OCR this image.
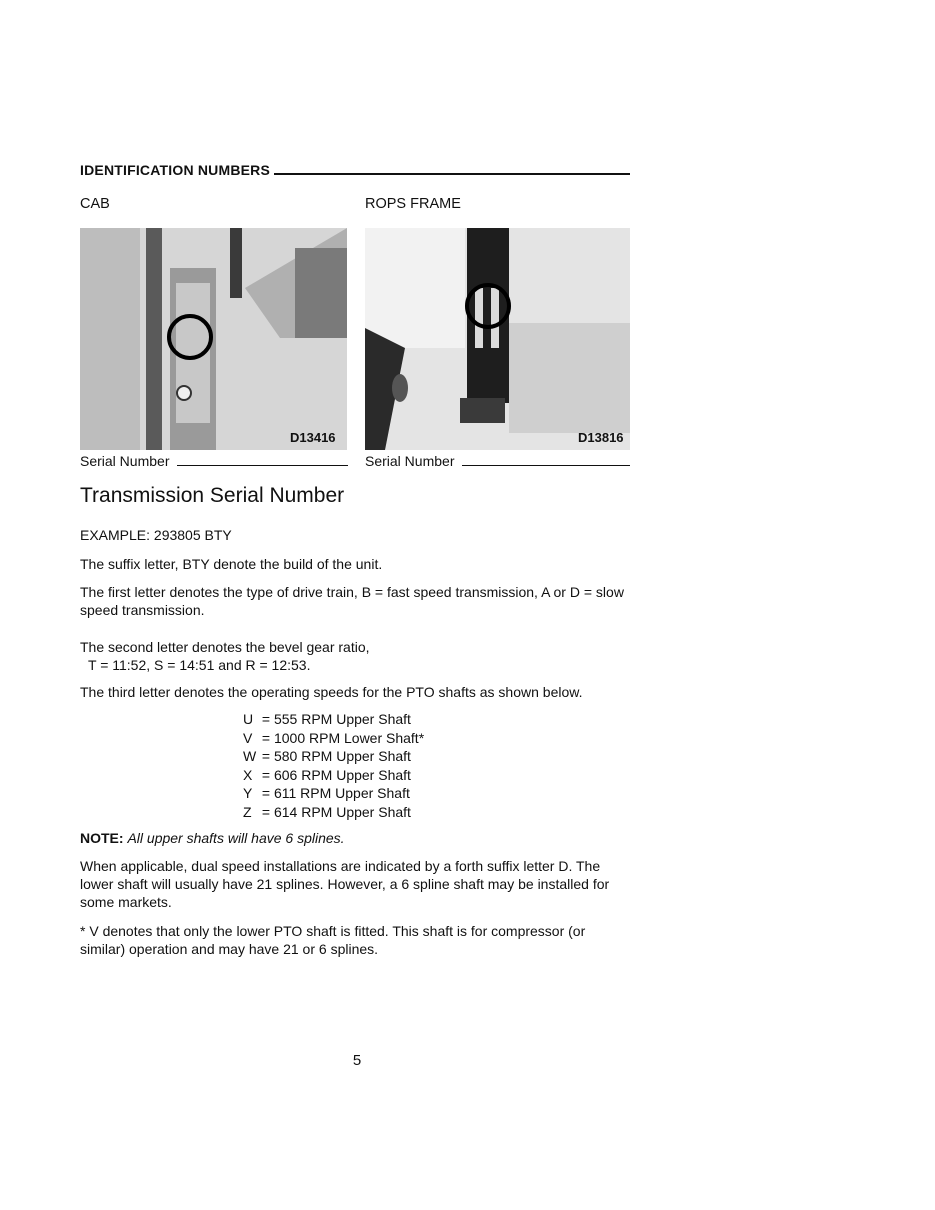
IDENTIFICATION NUMBERS
CAB
D13416
Serial Number
ROPS FRAME
D13816
Serial Number
Transmission Serial Number
EXAMPLE: 293805 BTY
The suffix letter, BTY denote the build of the unit.
The first letter denotes the type of drive train, B = fast speed transmission, A or D = slow speed transmission.
The second letter denotes the bevel gear ratio,
T = 11:52, S = 14:51 and R = 12:53.
The third letter denotes the operating speeds for the PTO shafts as shown below.
U = 555 RPM Upper Shaft
V = 1000 RPM Lower Shaft*
W = 580 RPM Upper Shaft
X = 606 RPM Upper Shaft
Y = 611 RPM Upper Shaft
Z = 614 RPM Upper Shaft
NOTE: All upper shafts will have 6 splines.
When applicable, dual speed installations are indicated by a forth suffix letter D. The lower shaft will usually have 21 splines. However, a 6 spline shaft may be installed for some markets.
* V denotes that only the lower PTO shaft is fitted. This shaft is for compressor (or similar) operation and may have 21 or 6 splines.
5
